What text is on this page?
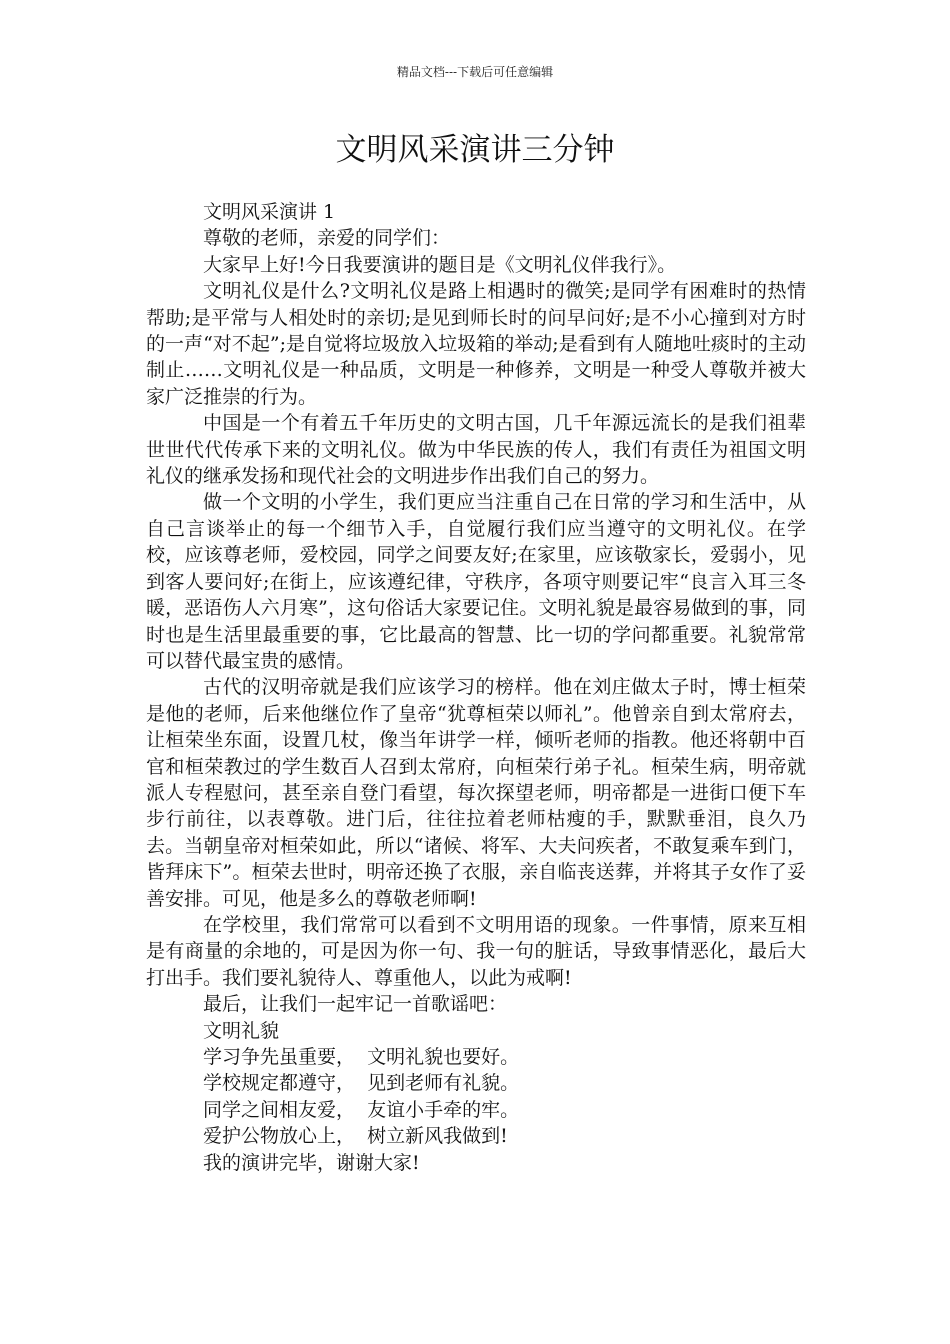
精品文档---下载后可任意编辑
文明风采演讲三分钟

文明风采演讲 1

尊敬的老师，亲爱的同学们：

大家早上好!今日我要演讲的题目是《文明礼仪伴我行》。

文明礼仪是什么?文明礼仪是路上相遇时的微笑;是同学有困难时的热情帮助;是平常与人相处时的亲切;是见到师长时的问早问好;是不小心撞到对方时的一声“对不起”;是自觉将垃圾放入垃圾箱的举动;是看到有人随地吐痰时的主动制止……文明礼仪是一种品质，文明是一种修养，文明是一种受人尊敬并被大家广泛推崇的行为。

中国是一个有着五千年历史的文明古国，几千年源远流长的是我们祖辈世世代代传承下来的文明礼仪。做为中华民族的传人，我们有责任为祖国文明礼仪的继承发扬和现代社会的文明进步作出我们自己的努力。

做一个文明的小学生，我们更应当注重自己在日常的学习和生活中，从自己言谈举止的每一个细节入手，自觉履行我们应当遵守的文明礼仪。在学校，应该尊老师，爱校园，同学之间要友好;在家里，应该敬家长，爱弱小，见到客人要问好;在街上，应该遵纪律，守秩序，各项守则要记牢“良言入耳三冬暖，恶语伤人六月寒”，这句俗话大家要记住。文明礼貌是最容易做到的事，同时也是生活里最重要的事，它比最高的智慧、比一切的学问都重要。礼貌常常可以替代最宝贵的感情。

古代的汉明帝就是我们应该学习的榜样。他在刘庄做太子时，博士桓荣是他的老师，后来他继位作了皇帝“犹尊桓荣以师礼”。他曾亲自到太常府去，让桓荣坐东面，设置几杖，像当年讲学一样，倾听老师的指教。他还将朝中百官和桓荣教过的学生数百人召到太常府，向桓荣行弟子礼。桓荣生病，明帝就派人专程慰问，甚至亲自登门看望，每次探望老师，明帝都是一进街口便下车步行前往，以表尊敬。进门后，往往拉着老师枯瘦的手，默默垂泪，良久乃去。当朝皇帝对桓荣如此，所以“诸候、将军、大夫问疾者，不敢复乘车到门，皆拜床下”。桓荣去世时，明帝还换了衣服，亲自临丧送葬，并将其子女作了妥善安排。可见，他是多么的尊敬老师啊!

在学校里，我们常常可以看到不文明用语的现象。一件事情，原来互相是有商量的余地的，可是因为你一句、我一句的脏话，导致事情恶化，最后大打出手。我们要礼貌待人、尊重他人，以此为戒啊!

最后，让我们一起牢记一首歌谣吧：

文明礼貌
学习争先虽重要，  文明礼貌也要好。
学校规定都遵守，  见到老师有礼貌。
同学之间相友爱，  友谊小手牵的牢。
爱护公物放心上，  树立新风我做到!

我的演讲完毕，谢谢大家!
